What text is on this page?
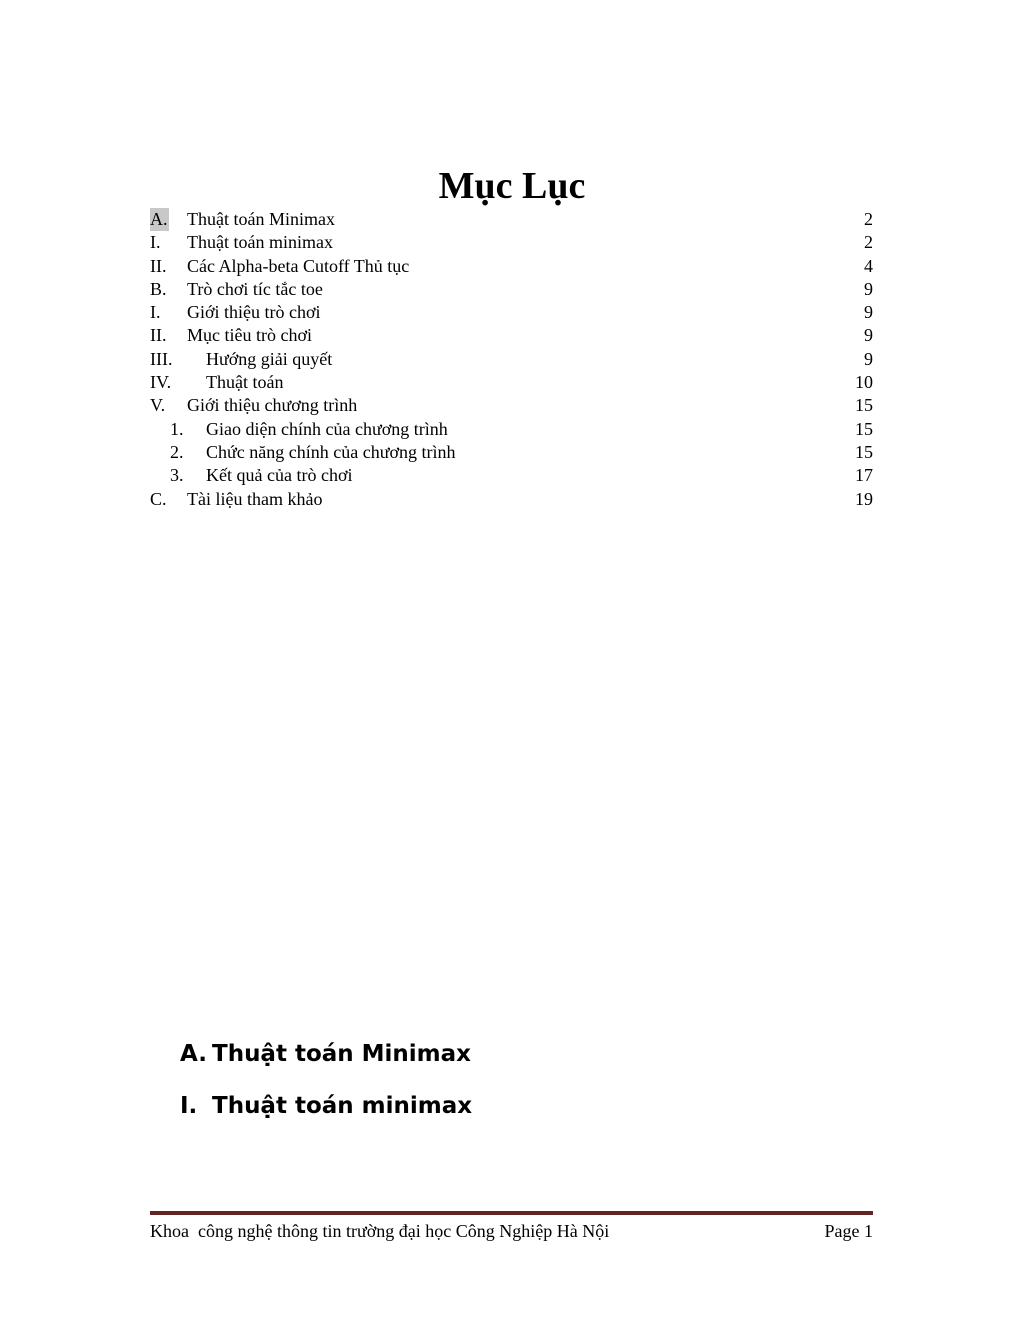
Mục Lục
A. Thuật toán Minimax	2
I. Thuật toán minimax	2
II. Các Alpha-beta Cutoff Thủ tục	4
B. Trò chơi tíc tắc toe	9
I. Giới thiệu trò chơi	9
II. Mục tiêu trò chơi	9
III. Hướng giải quyết	9
IV. Thuật toán	10
V. Giới thiệu chương trình	15
1. Giao diện chính của chương trình	15
2. Chức năng chính của chương trình	15
3. Kết quả của trò chơi	17
C. Tài liệu tham khảo	19
A. Thuật toán Minimax
I. Thuật toán minimax
Khoa  công nghệ thông tin trường đại học Công Nghiệp Hà Nội	Page 1
